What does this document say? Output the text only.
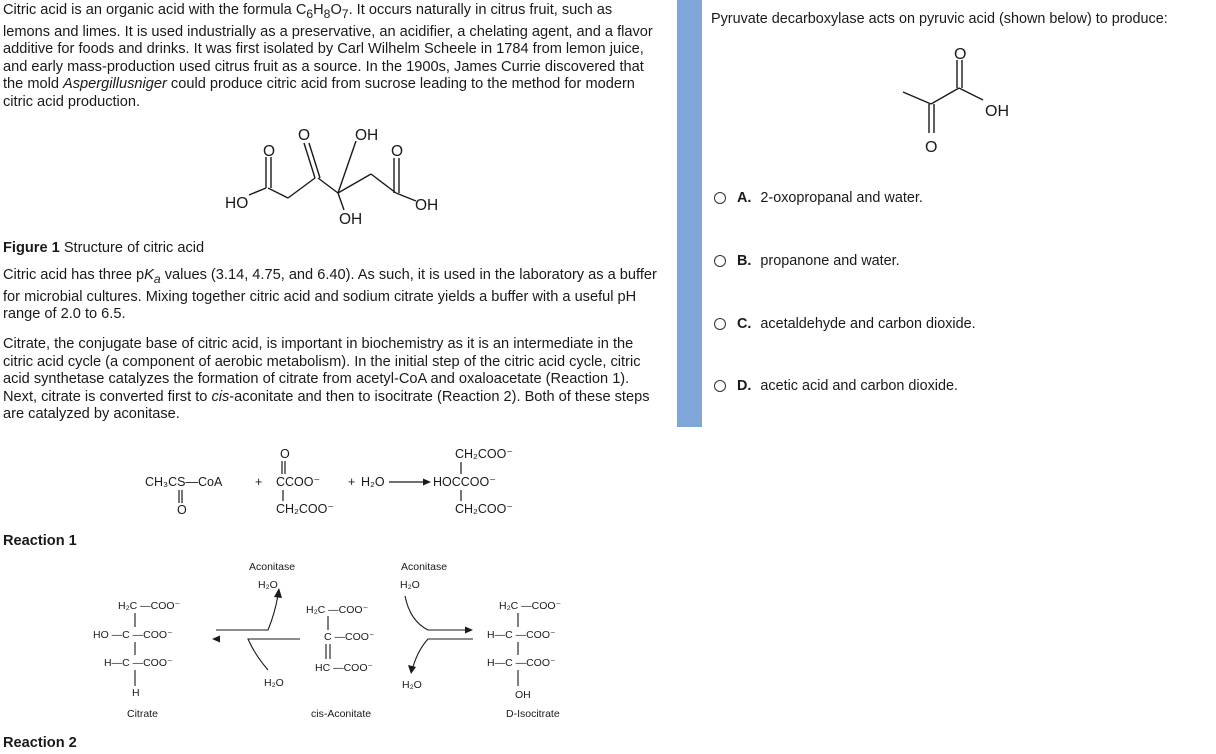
Citric acid is an organic acid with the formula $C_6H_8O_7$. It occurs naturally in citrus fruit, such as lemons and limes. It is used industrially as a preservative, an acidifier, a chelating agent, and a flavor additive for foods and drinks. It was first isolated by Carl Wilhelm Scheele in 1784 from lemon juice, and early mass-production used citrus fruit as a source. In the 1900s, James Currie discovered that the mold Aspergillusniger could produce citric acid from sucrose leading to the method for modern citric acid production.

HO
O
O	OH
O
OH
OH
Figure 1 Structure of citric acid

Citric acid has three $pK_a$ values (3.14, 4.75, and 6.40). As such, it is used in the laboratory as a buffer for microbial cultures. Mixing together citric acid and sodium citrate yields a buffer with a useful pH range of 2.0 to 6.5.

Citrate, the conjugate base of citric acid, is important in biochemistry as it is an intermediate in the citric acid cycle (a component of aerobic metabolism). In the initial step of the citric acid cycle, citric acid synthetase catalyzes the formation of citrate from acetyl-CoA and oxaloacetate (Reaction 1). Next, citrate is converted first to cis-aconitate and then to isocitrate (Reaction 2). Both of these steps are catalyzed by aconitase.

CH₃CS—CoA
O
+
O
CCOO⁻
CH₂COO⁻
+ H₂O
CH₂COO⁻
HOCCOO⁻
CH₂COO⁻
Reaction 1
H₂C —COO⁻
HO —C —COO⁻
H—C —COO⁻
H
Citrate
Aconitase
H₂O
H₂O
H₂C —COO⁻
C —COO⁻
HC —COO⁻
cis-Aconitate
Aconitase
H₂O
H₂O
H₂C —COO⁻
H—C —COO⁻
H—C —COO⁻
OH
D-Isocitrate
Reaction 2
Pyruvate decarboxylase acts on pyruvic acid (shown below) to produce:
O
OH
O
A. 2-oxopropanal and water.
B. propanone and water.
C. acetaldehyde and carbon dioxide.
D. acetic acid and carbon dioxide.
